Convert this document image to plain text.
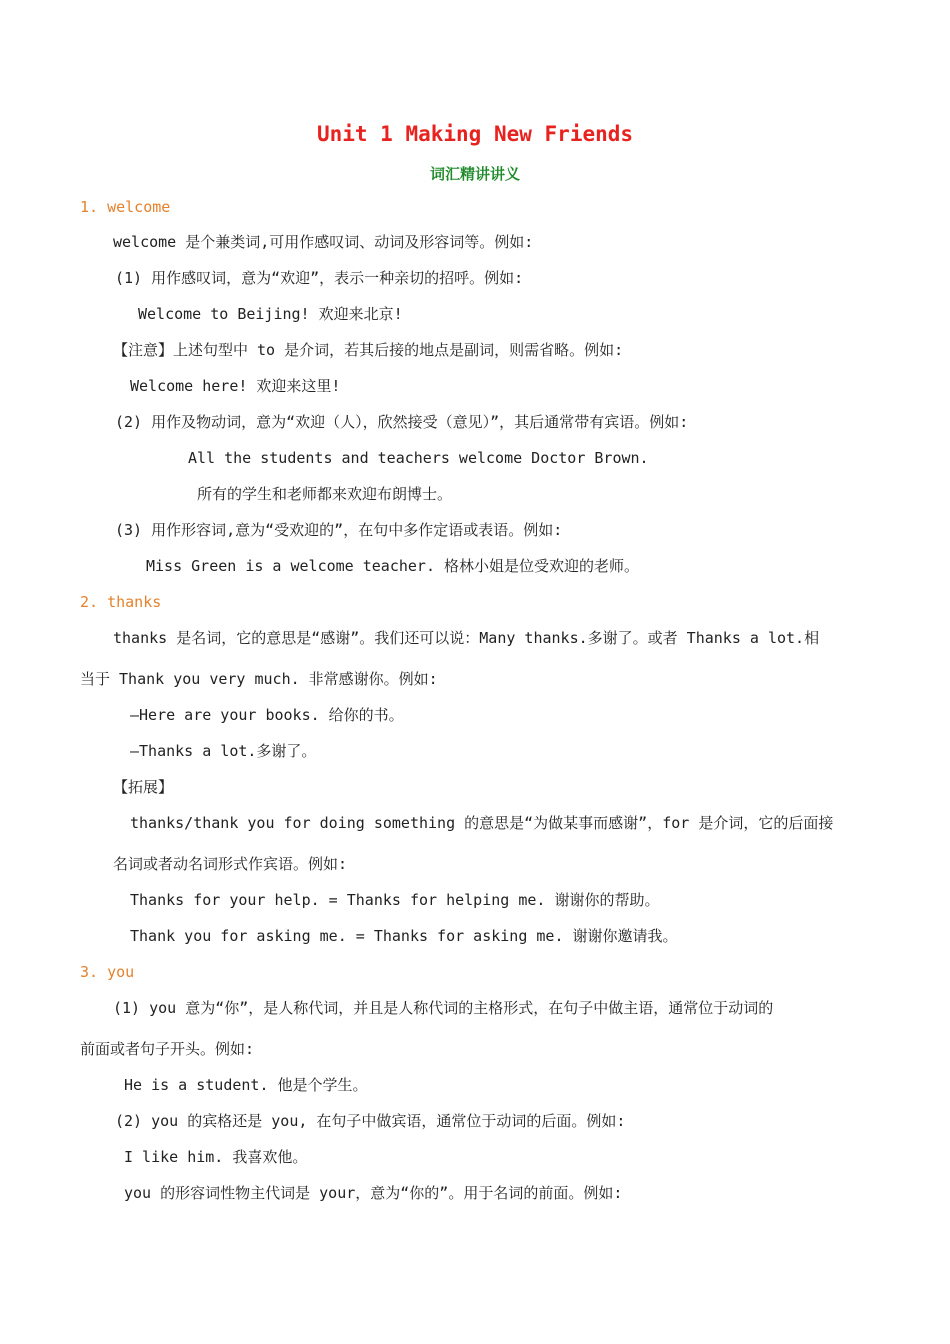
Unit 1 Making New Friends
词汇精讲讲义
1. welcome
welcome 是个兼类词,可用作感叹词、动词及形容词等。例如:
(1) 用作感叹词，意为“欢迎”，表示一种亲切的招呼。例如:
Welcome to Beijing! 欢迎来北京!
【注意】上述句型中 to 是介词，若其后接的地点是副词，则需省略。例如:
Welcome here! 欢迎来这里!
(2) 用作及物动词，意为“欢迎（人），欣然接受（意见）”，其后通常带有宾语。例如:
All the students and teachers welcome Doctor Brown.
所有的学生和老师都来欢迎布朗博士。
(3) 用作形容词,意为“受欢迎的”，在句中多作定语或表语。例如:
Miss Green is a welcome teacher. 格林小姐是位受欢迎的老师。
2. thanks
thanks 是名词，它的意思是“感谢”。我们还可以说：Many thanks.多谢了。或者 Thanks a lot.相
当于 Thank you very much. 非常感谢你。例如:
—Here are your books. 给你的书。
—Thanks a lot.多谢了。
【拓展】
thanks/thank you for doing something 的意思是“为做某事而感谢”，for 是介词，它的后面接
名词或者动名词形式作宾语。例如:
Thanks for your help. = Thanks for helping me. 谢谢你的帮助。
Thank you for asking me. = Thanks for asking me. 谢谢你邀请我。
3. you
(1) you 意为“你”，是人称代词，并且是人称代词的主格形式，在句子中做主语，通常位于动词的
前面或者句子开头。例如:
He is a student. 他是个学生。
(2) you 的宾格还是 you, 在句子中做宾语，通常位于动词的后面。例如:
I like him. 我喜欢他。
you 的形容词性物主代词是 your，意为“你的”。用于名词的前面。例如:
